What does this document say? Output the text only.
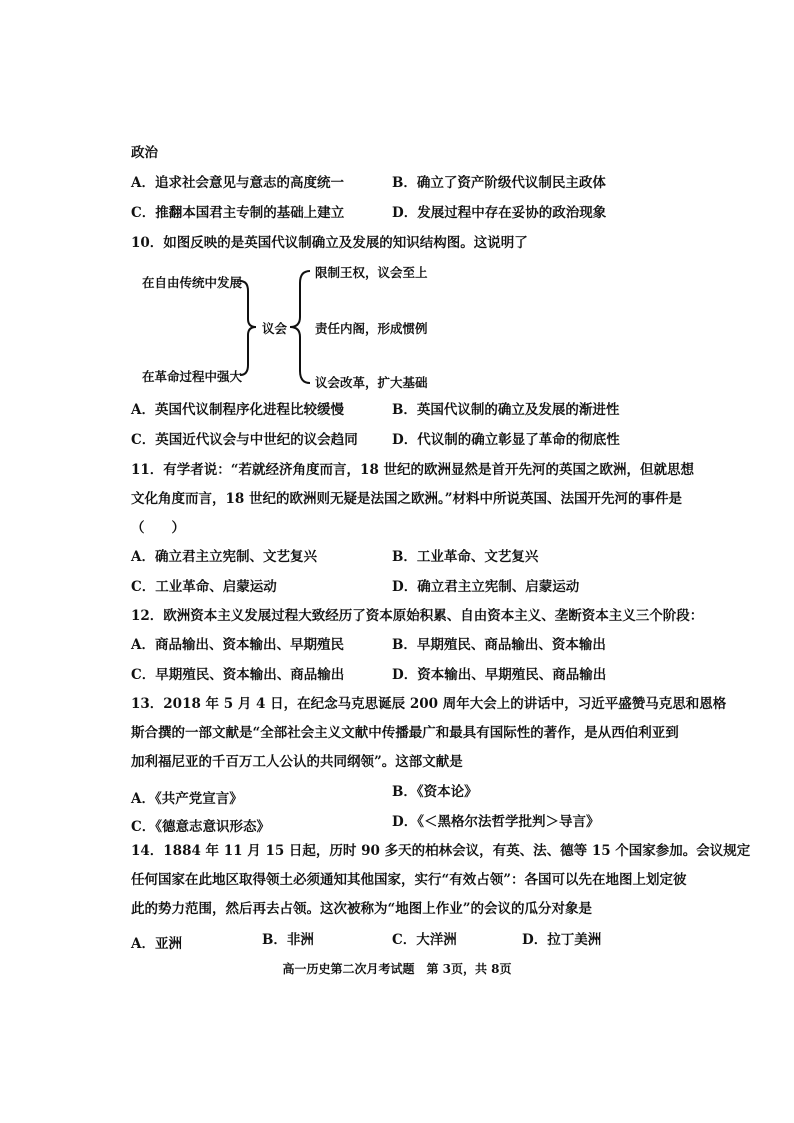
政治
A．追求社会意见与意志的高度统一	B．确立了资产阶级代议制民主政体
C．推翻本国君主专制的基础上建立	D．发展过程中存在妥协的政治现象
10．如图反映的是英国代议制确立及发展的知识结构图。这说明了
在自由传统中发展
在革命过程中强大
议会
限制王权，议会至上
责任内阁，形成惯例
议会改革，扩大基础
A．英国代议制程序化进程比较缓慢	B．英国代议制的确立及发展的渐进性
C．英国近代议会与中世纪的议会趋同	D．代议制的确立彰显了革命的彻底性
11．有学者说：“若就经济角度而言，18 世纪的欧洲显然是首开先河的英国之欧洲，但就思想
文化角度而言，18 世纪的欧洲则无疑是法国之欧洲。”材料中所说英国、法国开先河的事件是
（　　）
A．确立君主立宪制、文艺复兴	B．工业革命、文艺复兴
C．工业革命、启蒙运动	D．确立君主立宪制、启蒙运动
12．欧洲资本主义发展过程大致经历了资本原始积累、自由资本主义、垄断资本主义三个阶段：
A．商品输出、资本输出、早期殖民	B．早期殖民、商品输出、资本输出
C．早期殖民、资本输出、商品输出	D．资本输出、早期殖民、商品输出
13．2018 年 5 月 4 日，在纪念马克思诞辰 200 周年大会上的讲话中，习近平盛赞马克思和恩格
斯合撰的一部文献是“全部社会主义文献中传播最广和最具有国际性的著作，是从西伯利亚到
加利福尼亚的千百万工人公认的共同纲领”。这部文献是
A．《共产党宣言》	B．《资本论》
C．《德意志意识形态》	D．《＜黑格尔法哲学批判＞导言》
14．1884 年 11 月 15 日起，历时 90 多天的柏林会议，有英、法、德等 15 个国家参加。会议规定
任何国家在此地区取得领土必须通知其他国家，实行“有效占领”：各国可以先在地图上划定彼
此的势力范围，然后再去占领。这次被称为“地图上作业”的会议的瓜分对象是
A．亚洲	B．非洲	C．大洋洲	D．拉丁美洲
高一历史第二次月考试题　第 3页，共 8页
